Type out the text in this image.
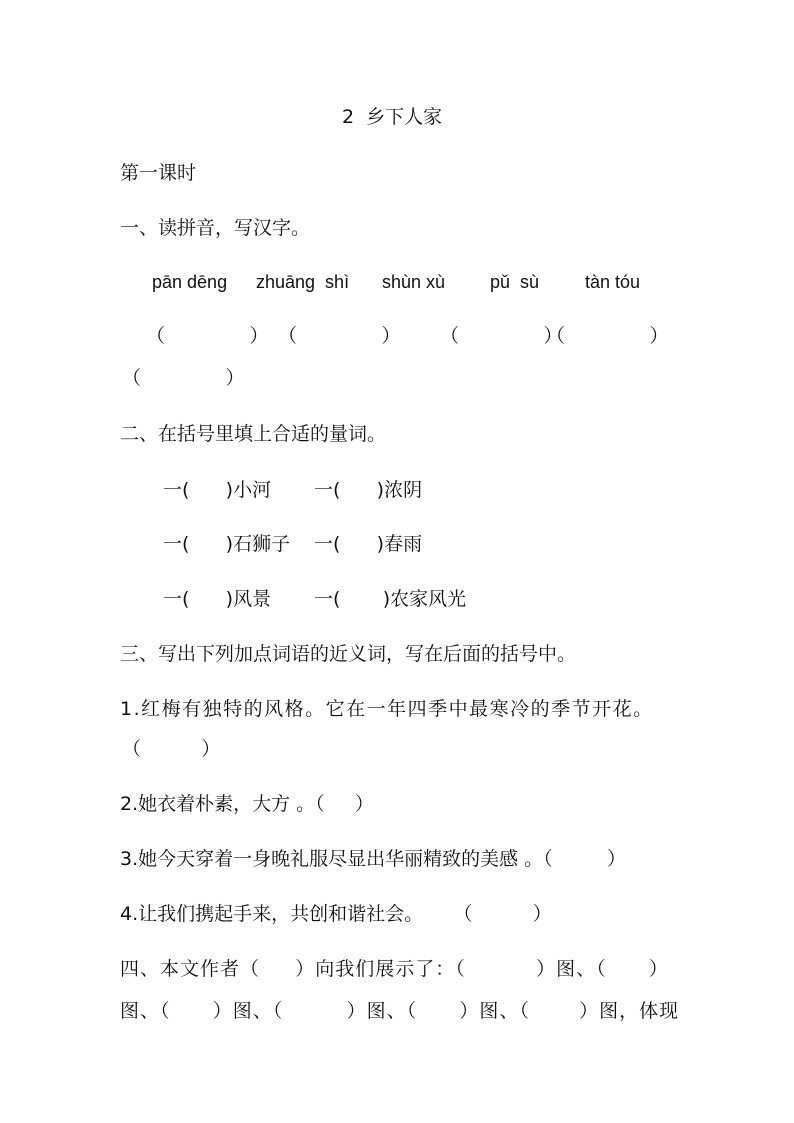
2  乡下人家
第一课时
一、读拼音，写汉字。
pān dēng zhuāng  shì shùn xù pǔ  sù	tàn tóu
（              ） （              ） （              ）
（              ）
（              ）
二、在括号里填上合适的量词。
一(      )小河 一(      )浓阴
一(      )石狮子 一(      )春雨
一(      )风景 一(       )农家风光
三、写出下列加点词语的近义词，写在后面的括号中。
1.红梅有独特的风格。它在一年四季中最寒冷的季节开花。
（          ）
2.她衣着朴素，大方 。（     ）
3.她今天穿着一身晚礼服尽显出华丽精致的美感 。（         ）
4.让我们携起手来，共创和谐社会。     （          ）
四、本文作者（     ）向我们展示了：（          ）图、（      ）
图、（      ）图、（         ）图、（      ）图、（       ）图，体现
